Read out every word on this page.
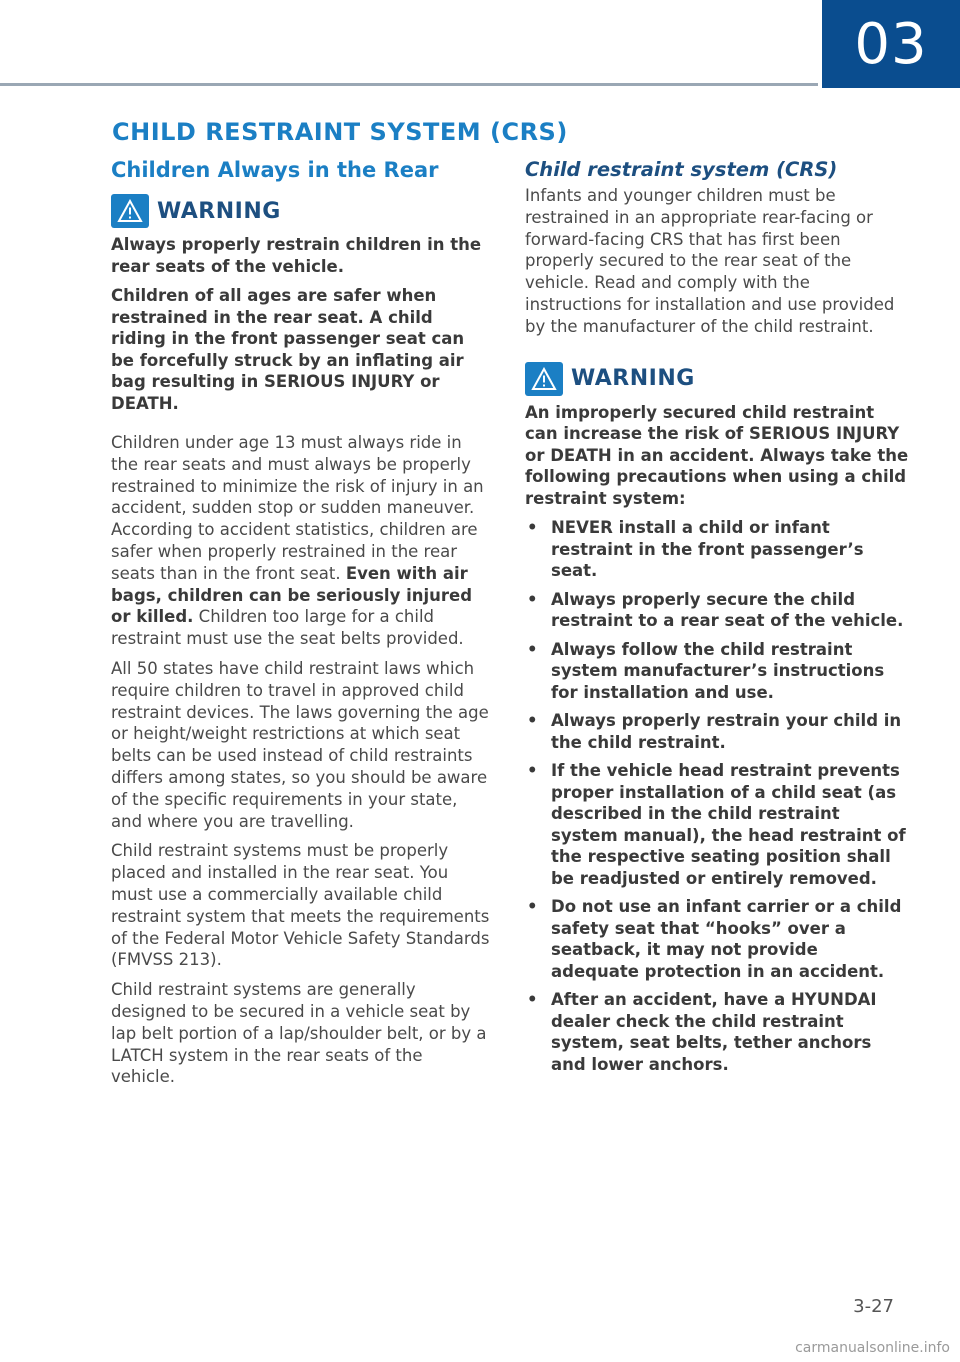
03
CHILD RESTRAINT SYSTEM (CRS)
Children Always in the Rear
WARNING

Always properly restrain children in the rear seats of the vehicle.

Children of all ages are safer when restrained in the rear seat. A child riding in the front passenger seat can be forcefully struck by an inflating air bag resulting in SERIOUS INJURY or DEATH.

Children under age 13 must always ride in the rear seats and must always be properly restrained to minimize the risk of injury in an accident, sudden stop or sudden maneuver. According to accident statistics, children are safer when properly restrained in the rear seats than in the front seat. Even with air bags, children can be seriously injured or killed. Children too large for a child restraint must use the seat belts provided.

All 50 states have child restraint laws which require children to travel in approved child restraint devices. The laws governing the age or height/weight restrictions at which seat belts can be used instead of child restraints differs among states, so you should be aware of the specific requirements in your state, and where you are travelling.

Child restraint systems must be properly placed and installed in the rear seat. You must use a commercially available child restraint system that meets the requirements of the Federal Motor Vehicle Safety Standards (FMVSS 213).

Child restraint systems are generally designed to be secured in a vehicle seat by lap belt portion of a lap/shoulder belt, or by a LATCH system in the rear seats of the vehicle.

Child restraint system (CRS)

Infants and younger children must be restrained in an appropriate rear-facing or forward-facing CRS that has first been properly secured to the rear seat of the vehicle. Read and comply with the instructions for installation and use provided by the manufacturer of the child restraint.

WARNING

An improperly secured child restraint can increase the risk of SERIOUS INJURY or DEATH in an accident. Always take the following precautions when using a child restraint system:

• NEVER install a child or infant restraint in the front passenger’s seat.
• Always properly secure the child restraint to a rear seat of the vehicle.
• Always follow the child restraint system manufacturer’s instructions for installation and use.
• Always properly restrain your child in the child restraint.
• If the vehicle head restraint prevents proper installation of a child seat (as described in the child restraint system manual), the head restraint of the respective seating position shall be readjusted or entirely removed.
• Do not use an infant carrier or a child safety seat that “hooks” over a seatback, it may not provide adequate protection in an accident.
• After an accident, have a HYUNDAI dealer check the child restraint system, seat belts, tether anchors and lower anchors.
3-27
carmanualsonline.info
